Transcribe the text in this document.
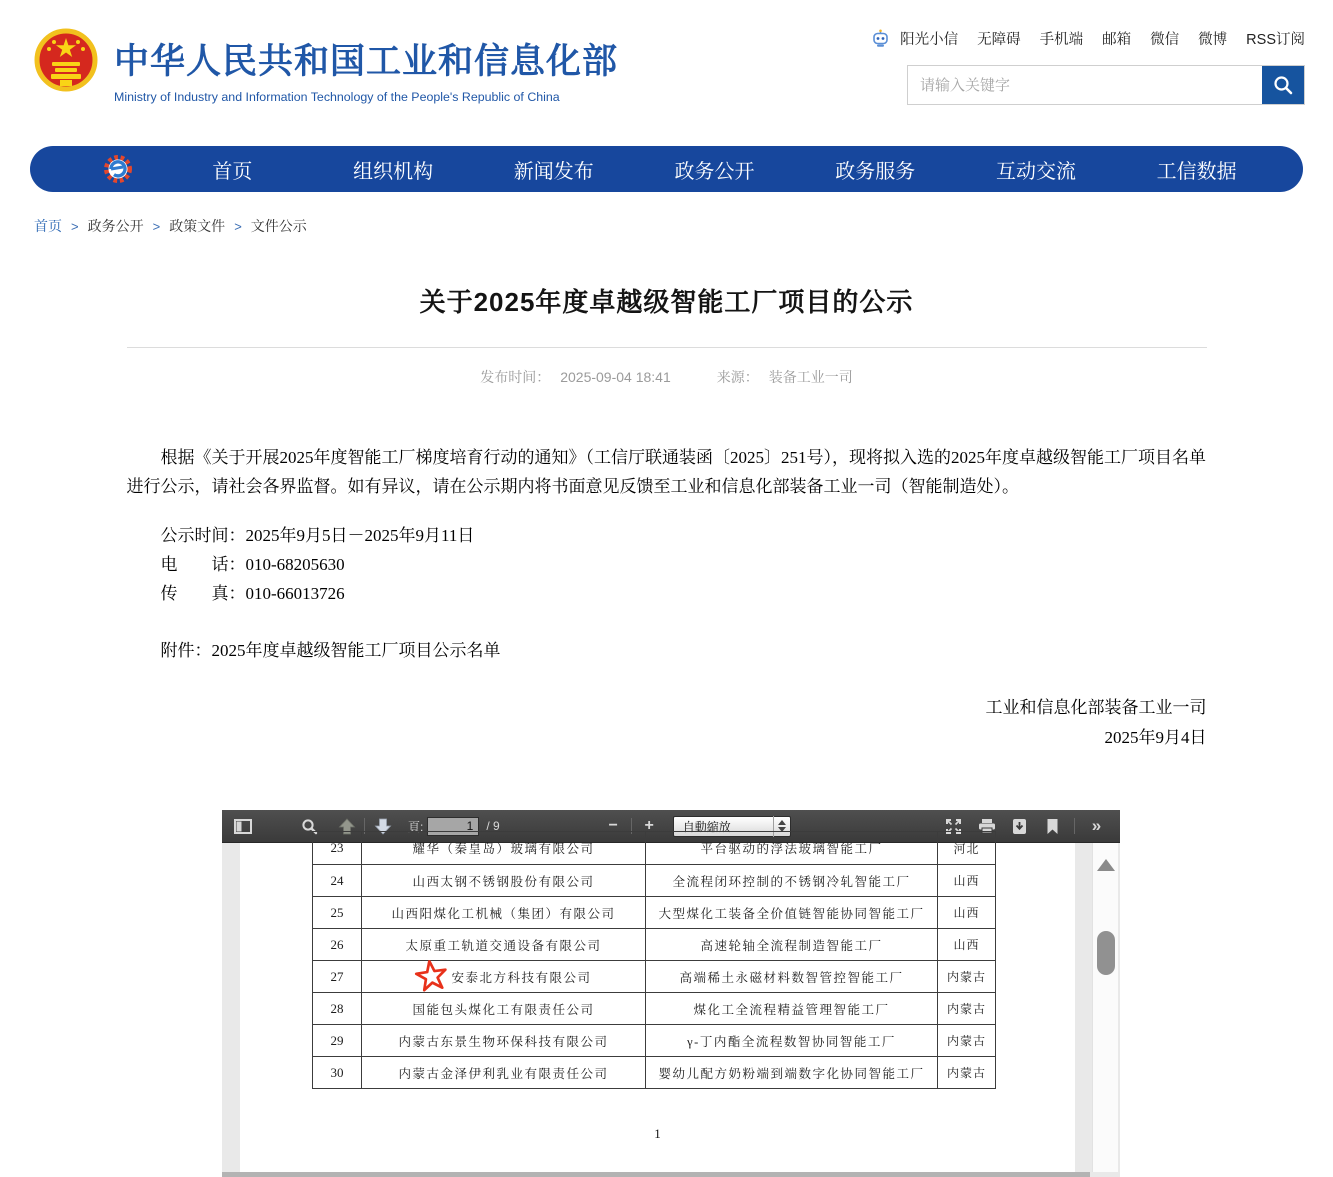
中华人民共和国工业和信息化部
Ministry of Industry and Information Technology of the People's Republic of China
阳光小信 无障碍 手机端 邮箱 微信 微博 RSS订阅
请输入关键字
首页	组织机构	新闻发布	政务公开	政务服务	互动交流	工信数据
首页 > 政务公开 > 政策文件 > 文件公示
关于2025年度卓越级智能工厂项目的公示
发布时间： 2025-09-04 18:41	来源： 装备工业一司

根据《关于开展2025年度智能工厂梯度培育行动的通知》（工信厅联通装函〔2025〕251号），现将拟入选的2025年度卓越级智能工厂项目名单进行公示，请社会各界监督。如有异议，请在公示期内将书面意见反馈至工业和信息化部装备工业一司（智能制造处）。

公示时间：2025年9月5日－2025年9月11日
电　　话：010-68205630
传　　真：010-66013726
附件：2025年度卓越级智能工厂项目公示名单
工业和信息化部装备工业一司
2025年9月4日
頁:
1	/ 9	−	+	自動縮放	»
23	耀华（秦皇岛）玻璃有限公司	平台驱动的浮法玻璃智能工厂	河北
24	山西太钢不锈钢股份有限公司	全流程闭环控制的不锈钢冷轧智能工厂	山西
25	山西阳煤化工机械（集团）有限公司	大型煤化工装备全价值链智能协同智能工厂	山西
26	太原重工轨道交通设备有限公司	高速轮轴全流程制造智能工厂	山西
27	安泰北方科技有限公司	高端稀土永磁材料数智管控智能工厂	内蒙古
28	国能包头煤化工有限责任公司	煤化工全流程精益管理智能工厂	内蒙古
29	内蒙古东景生物环保科技有限公司	γ-丁内酯全流程数智协同智能工厂	内蒙古
30	内蒙古金泽伊利乳业有限责任公司	婴幼儿配方奶粉端到端数字化协同智能工厂	内蒙古
1
